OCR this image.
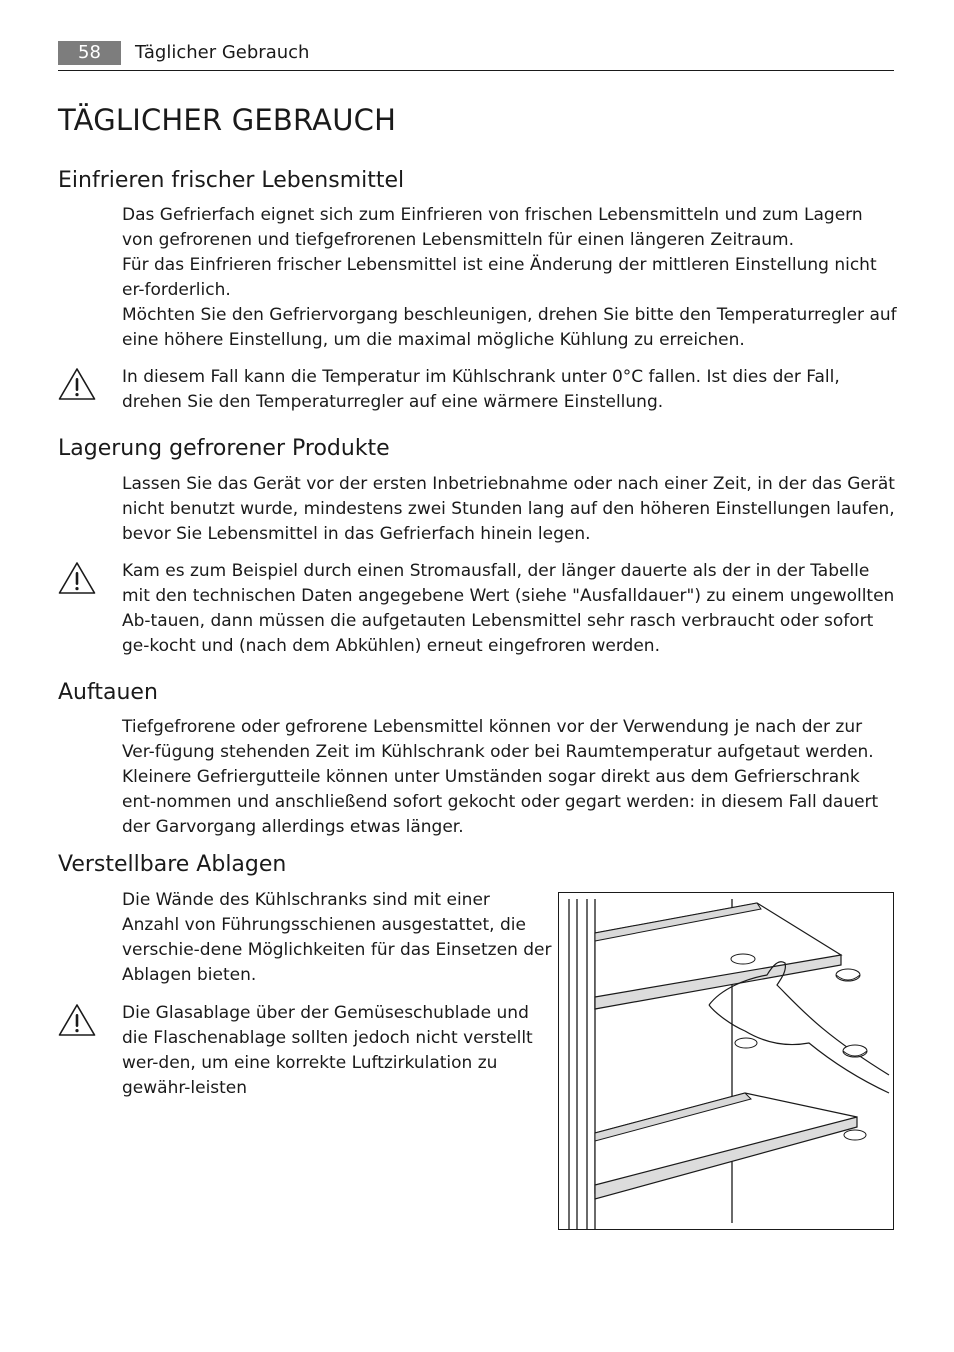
58	Täglicher Gebrauch
TÄGLICHER GEBRAUCH
Einfrieren frischer Lebensmittel

Das Gefrierfach eignet sich zum Einfrieren von frischen Lebensmitteln und zum Lagern von gefrorenen und tiefgefrorenen Lebensmitteln für einen längeren Zeitraum.

Für das Einfrieren frischer Lebensmittel ist eine Änderung der mittleren Einstellung nicht er-forderlich.

Möchten Sie den Gefriervorgang beschleunigen, drehen Sie bitte den Temperaturregler auf eine höhere Einstellung, um die maximal mögliche Kühlung zu erreichen.

In diesem Fall kann die Temperatur im Kühlschrank unter 0°C fallen. Ist dies der Fall, drehen Sie den Temperaturregler auf eine wärmere Einstellung.

Lagerung gefrorener Produkte

Lassen Sie das Gerät vor der ersten Inbetriebnahme oder nach einer Zeit, in der das Gerät nicht benutzt wurde, mindestens zwei Stunden lang auf den höheren Einstellungen laufen, bevor Sie Lebensmittel in das Gefrierfach hinein legen.

Kam es zum Beispiel durch einen Stromausfall, der länger dauerte als der in der Tabelle mit den technischen Daten angegebene Wert (siehe "Ausfalldauer") zu einem ungewollten Ab-tauen, dann müssen die aufgetauten Lebensmittel sehr rasch verbraucht oder sofort ge-kocht und (nach dem Abkühlen) erneut eingefroren werden.

Auftauen

Tiefgefrorene oder gefrorene Lebensmittel können vor der Verwendung je nach der zur Ver-fügung stehenden Zeit im Kühlschrank oder bei Raumtemperatur aufgetaut werden.

Kleinere Gefriergutteile können unter Umständen sogar direkt aus dem Gefrierschrank ent-nommen und anschließend sofort gekocht oder gegart werden: in diesem Fall dauert der Garvorgang allerdings etwas länger.

Verstellbare Ablagen

Die Wände des Kühlschranks sind mit einer Anzahl von Führungsschienen ausgestattet, die verschie-dene Möglichkeiten für das Einsetzen der Ablagen bieten.

Die Glasablage über der Gemüseschublade und die Flaschenablage sollten jedoch nicht verstellt wer-den, um eine korrekte Luftzirkulation zu gewähr-leisten
